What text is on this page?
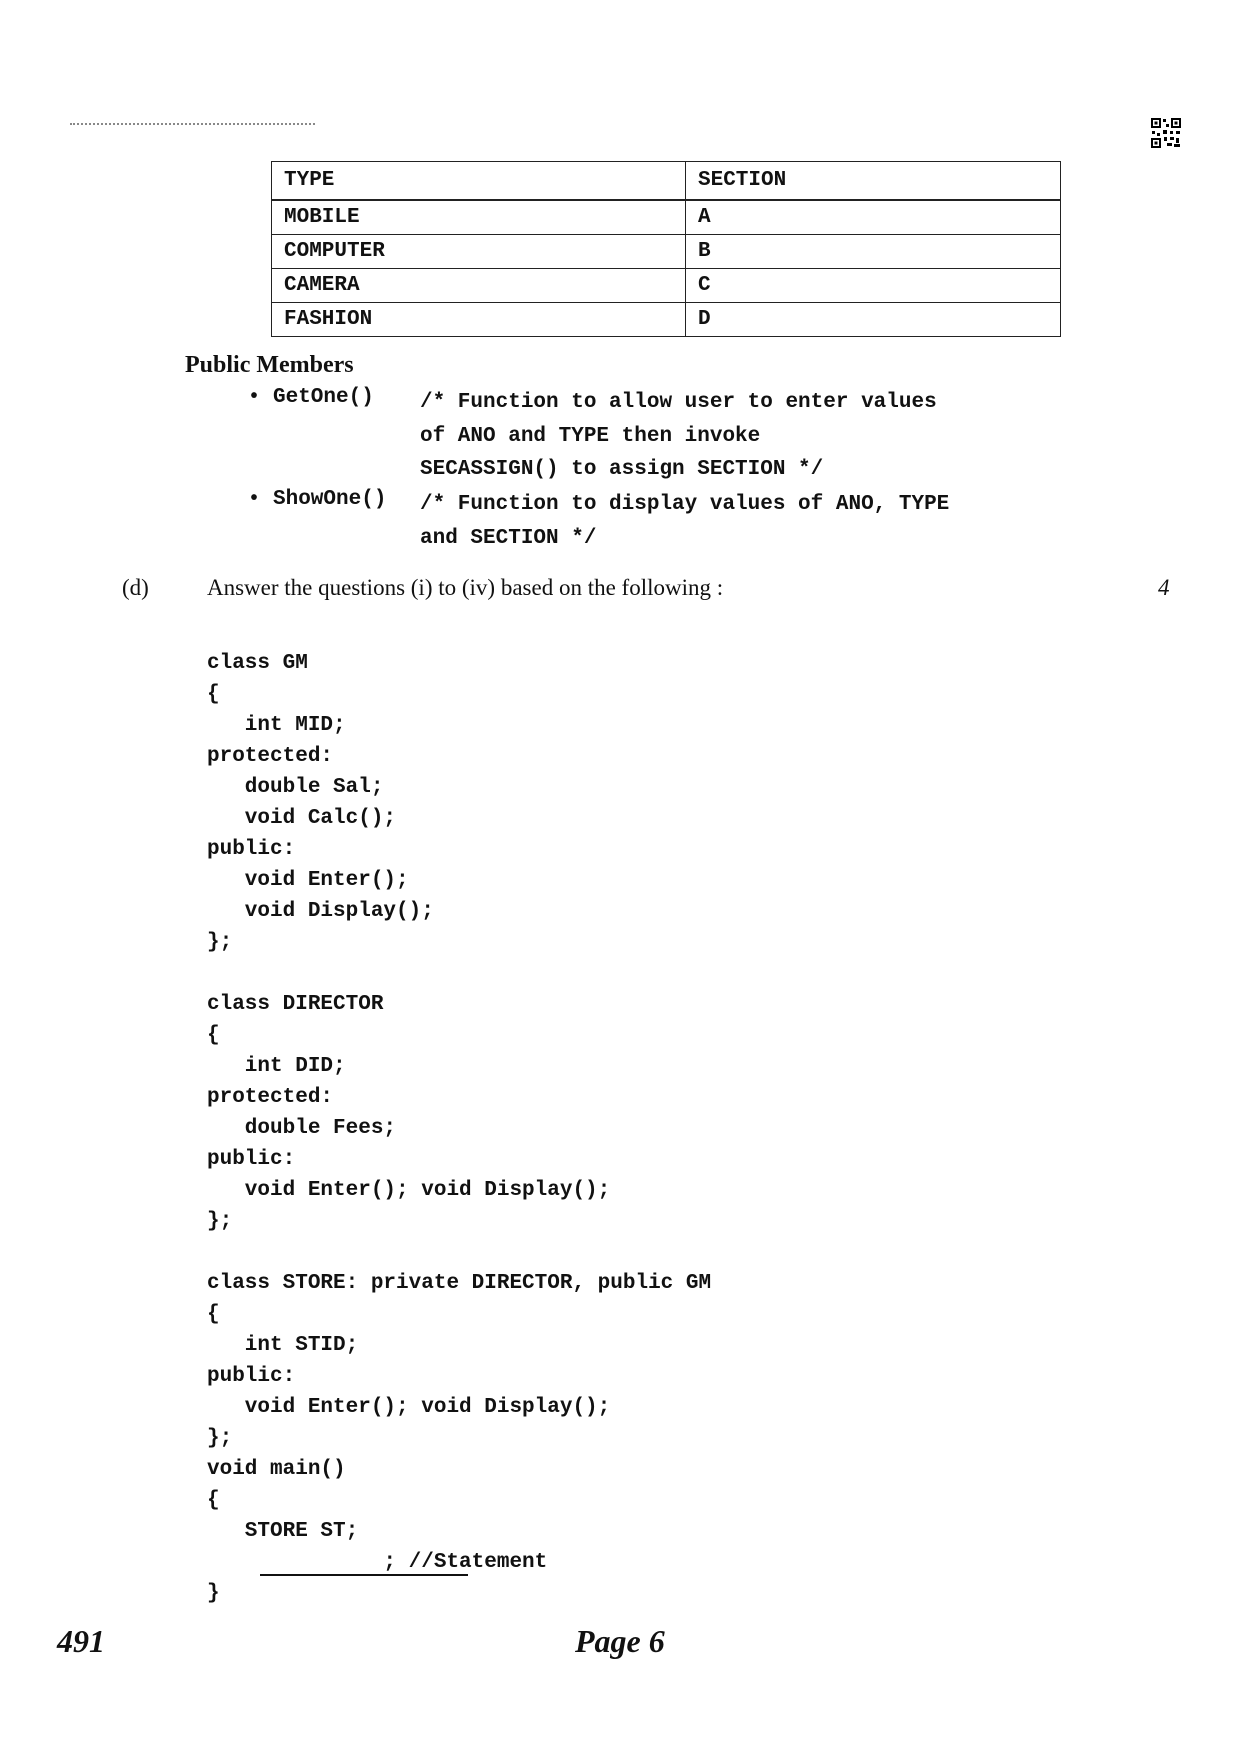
TYPE	SECTION
MOBILE	A
COMPUTER	B
CAMERA	C
FASHION	D
Public Members
• GetOne() /* Function to allow user to enter values
of ANO and TYPE then invoke
SECASSIGN() to assign SECTION */
• ShowOne() /* Function to display values of ANO, TYPE
and SECTION */
(d)	Answer the questions (i) to (iv) based on the following :	4
class GM
{
int MID;
protected:
double Sal;
void Calc();
public:
void Enter();
void Display();
};
class DIRECTOR
{
int DID;
protected:
double Fees;
public:
void Enter(); void Display();
};
class STORE: private DIRECTOR, public GM
{
int STID;
public:
void Enter(); void Display();
};
void main()
{
STORE ST;
; //Statement
}
491	Page 6
